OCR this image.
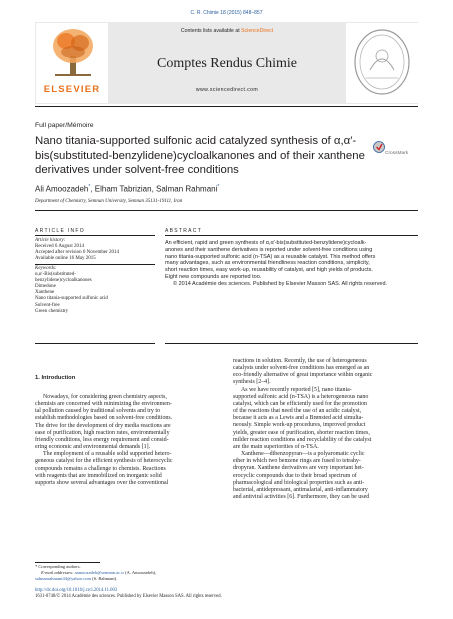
C. R. Chimie 18 (2015) 848–857
ELSEVIER
Contents lists available at ScienceDirect
Comptes Rendus Chimie
www.sciencedirect.com
Full paper/Mémoire
Nano titania-supported sulfonic acid catalyzed synthesis of α,α′-bis(substituted-benzylidene)cycloalkanones and of their xanthene derivatives under solvent-free conditions
CrossMark
Ali Amoozadeh*, Elham Tabrizian, Salman Rahmani*
Department of Chemistry, Semnan University, Semnan 35131-19111, Iran
ARTICLE INFO
Article history:
Received 6 August 2014
Accepted after revision 6 November 2014
Available online 16 May 2015
Keywords:
α,α′-Bis(substituted-
benzylidene)cycloalkanones
Dimedone
Xanthene
Nano titania-supported sulfonic acid
Solvent-free
Green chemistry
ABSTRACT
An efficient, rapid and green synthesis of α,α′-bis(substituted-benzylidene)cycloalk-
anones and their xanthene derivatives is reported under solvent-free conditions using
nano titania-supported sulfonic acid (n-TSA) as a reusable catalyst. This method offers
many advantages, such as environmental friendliness reaction conditions, simplicity,
short reaction times, easy work-up, reusability of catalyst, and high yields of products.
Eight new compounds are reported too.
© 2014 Académie des sciences. Published by Elsevier Masson SAS. All rights reserved.
1. Introduction
Nowadays, for considering green chemistry aspects,
chemists are concerned with minimizing the environmen-
tal pollution caused by traditional solvents and try to
establish methodologies based on solvent-free conditions.
The drive for the development of dry media reactions are
ease of purification, high reaction rates, environmentally
friendly conditions, less energy requirement and consid-
ering economic and environmental demands [1].
The employment of a reusable solid supported hetero-
geneous catalyst for the efficient synthesis of heterocyclic
compounds remains a challenge to chemists. Reactions
with reagents that are immobilized on inorganic solid
supports show several advantages over the conventional
reactions in solution. Recently, the use of heterogeneous
catalysts under solvent-free conditions has emerged as an
eco-friendly alternative of great importance within organic
synthesis [2–4].
As we have recently reported [5], nano titania-
supported sulfonic acid (n-TSA) is a heterogeneous nano
catalyst, which can be efficiently used for the promotion
of the reactions that need the use of an acidic catalyst,
because it acts as a Lewis and a Brønsted acid simulta-
neously. Simple work-up procedures, improved product
yields, greater ease of purification, shorter reaction times,
milder reaction conditions and recyclability of the catalyst
are the main superiorities of n-TSA.
Xanthene—dibenzopyran—is a polyaromatic cyclic
ether in which two benzene rings are fused to tetrahy-
dropyran. Xanthene derivatives are very important het-
erocyclic compounds due to their broad spectrum of
pharmacological and biological properties such as anti-
bacterial, antidepressant, antimalarial, anti-inflammatory
and antiviral activities [6]. Furthermore, they can be used
* Corresponding authors.
E-mail addresses: aamoozadeh@semnan.ac.ir (A. Amoozadeh),
salmanrahmani44@yahoo.com (S. Rahmani).
http://dx.doi.org/10.1016/j.crci.2014.11.003
1631-0748/© 2014 Académie des sciences. Published by Elsevier Masson SAS. All rights reserved.
